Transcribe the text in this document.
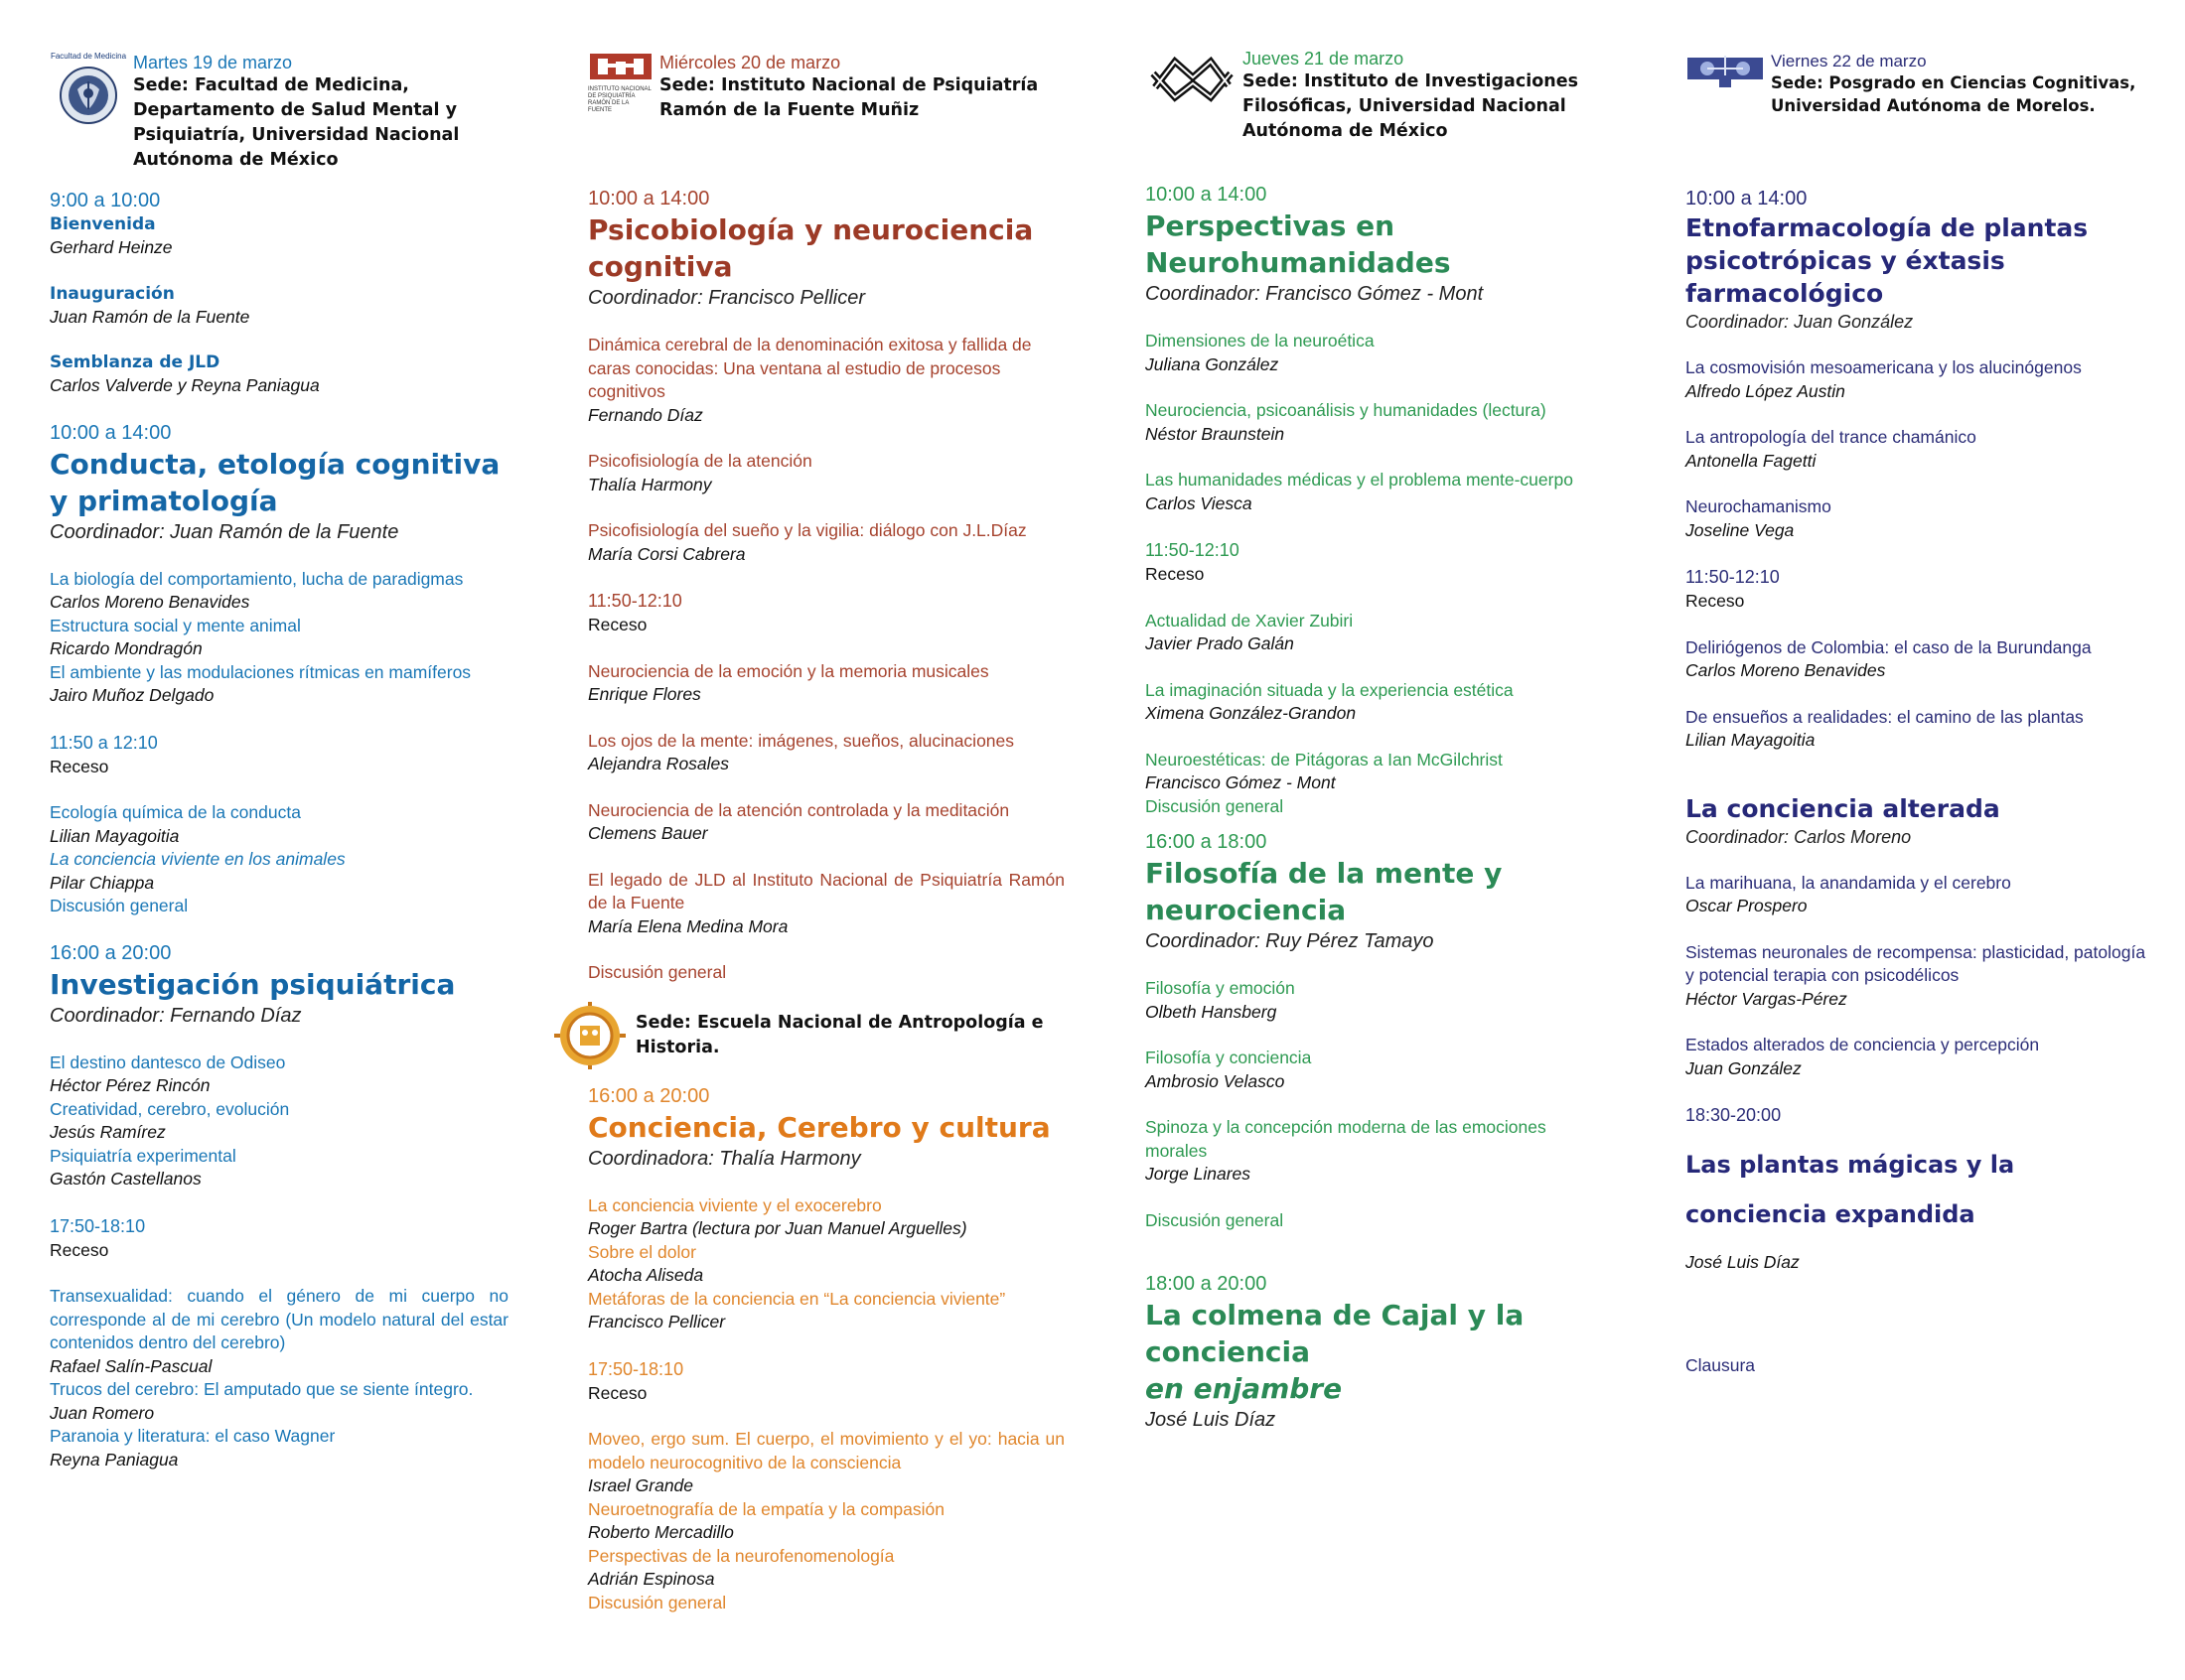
Facultad de Medicina Martes 19 de marzo
Sede: Facultad de Medicina, Departamento de Salud Mental y Psiquiatría, Universidad Nacional Autónoma de México
9:00 a 10:00
Bienvenida
Gerhard Heinze
Inauguración
Juan Ramón de la Fuente
Semblanza de JLD
Carlos Valverde y Reyna Paniagua
10:00 a 14:00
Conducta, etología cognitiva y primatología
Coordinador: Juan Ramón de la Fuente
La biología del comportamiento, lucha de paradigmas
Carlos Moreno Benavides
Estructura social y mente animal
Ricardo Mondragón
El ambiente y las modulaciones rítmicas en mamíferos
Jairo Muñoz Delgado
11:50 a 12:10
Receso
Ecología química de la conducta
Lilian Mayagoitia
La conciencia viviente en los animales
Pilar Chiappa
Discusión general
16:00 a 20:00
Investigación psiquiátrica
Coordinador: Fernando Díaz
El destino dantesco de Odiseo
Héctor Pérez Rincón
Creatividad, cerebro, evolución
Jesús Ramírez
Psiquiatría experimental
Gastón Castellanos
17:50-18:10
Receso
Transexualidad: cuando el género de mi cuerpo no corresponde al de mi cerebro (Un modelo natural del estar contenidos dentro del cerebro)
Rafael Salín-Pascual
Trucos del cerebro: El amputado que se siente íntegro.
Juan Romero
Paranoia y literatura: el caso Wagner
Reyna Paniagua
INSTITUTO NACIONAL DE PSIQUIATRÍA RAMÓN DE LA FUENTE
Miércoles 20 de marzo
Sede: Instituto Nacional de Psiquiatría Ramón de la Fuente Muñiz
10:00 a 14:00
Psicobiología y neurociencia cognitiva
Coordinador: Francisco Pellicer
Dinámica cerebral de la denominación exitosa y fallida de caras conocidas: Una ventana al estudio de procesos cognitivos
Fernando Díaz
Psicofisiología de la atención
Thalía Harmony
Psicofisiología del sueño y la vigilia: diálogo con J.L.Díaz
María Corsi Cabrera
11:50-12:10
Receso
Neurociencia de la emoción y la memoria musicales
Enrique Flores
Los ojos de la mente: imágenes, sueños, alucinaciones
Alejandra Rosales
Neurociencia de la atención controlada y la meditación
Clemens Bauer
El legado de JLD al Instituto Nacional de Psiquiatría Ramón de la Fuente
María Elena Medina Mora
Discusión general
Sede: Escuela Nacional de Antropología e Historia.
16:00 a 20:00
Conciencia, Cerebro y cultura
Coordinadora: Thalía Harmony
La conciencia viviente y el exocerebro
Roger Bartra (lectura por Juan Manuel Arguelles)
Sobre el dolor
Atocha Aliseda
Metáforas de la conciencia en “La conciencia viviente”
Francisco Pellicer
17:50-18:10
Receso
Moveo, ergo sum. El cuerpo, el movimiento y el yo: hacia un modelo neurocognitivo de la consciencia
Israel Grande
Neuroetnografía de la empatía y la compasión
Roberto Mercadillo
Perspectivas de la neurofenomenología
Adrián Espinosa
Discusión general
Jueves 21 de marzo
Sede: Instituto de Investigaciones Filosóficas, Universidad Nacional Autónoma de México
10:00 a 14:00
Perspectivas en Neurohumanidades
Coordinador: Francisco Gómez - Mont
Dimensiones de la neuroética
Juliana González
Neurociencia, psicoanálisis y humanidades (lectura)
Néstor Braunstein
Las humanidades médicas y el problema mente-cuerpo
Carlos Viesca
11:50-12:10
Receso
Actualidad de Xavier Zubiri
Javier Prado Galán
La imaginación situada y la experiencia estética
Ximena González-Grandon
Neuroestéticas: de Pitágoras a Ian McGilchrist
Francisco Gómez - Mont
Discusión general
16:00 a 18:00
Filosofía de la mente y neurociencia
Coordinador: Ruy Pérez Tamayo
Filosofía y emoción
Olbeth Hansberg
Filosofía y conciencia
Ambrosio Velasco
Spinoza y la concepción moderna de las emociones morales
Jorge Linares
Discusión general
18:00 a 20:00
La colmena de Cajal y la conciencia
en enjambre
José Luis Díaz
Viernes 22 de marzo
Sede: Posgrado en Ciencias Cognitivas, Universidad Autónoma de Morelos.
10:00 a 14:00
Etnofarmacología de plantas psicotrópicas y éxtasis farmacológico
Coordinador: Juan González
La cosmovisión mesoamericana y los alucinógenos
Alfredo López Austin
La antropología del trance chamánico
Antonella Fagetti
Neurochamanismo
Joseline Vega
11:50-12:10
Receso
Deliriógenos de Colombia: el caso de la Burundanga
Carlos Moreno Benavides
De ensueños a realidades: el camino de las plantas
Lilian Mayagoitia
La conciencia alterada
Coordinador: Carlos Moreno
La marihuana, la anandamida y el cerebro
Oscar Prospero
Sistemas neuronales de recompensa: plasticidad, patología y potencial terapia con psicodélicos
Héctor Vargas-Pérez
Estados alterados de conciencia y percepción
Juan González
18:30-20:00
Las plantas mágicas y la conciencia expandida
José Luis Díaz
Clausura
